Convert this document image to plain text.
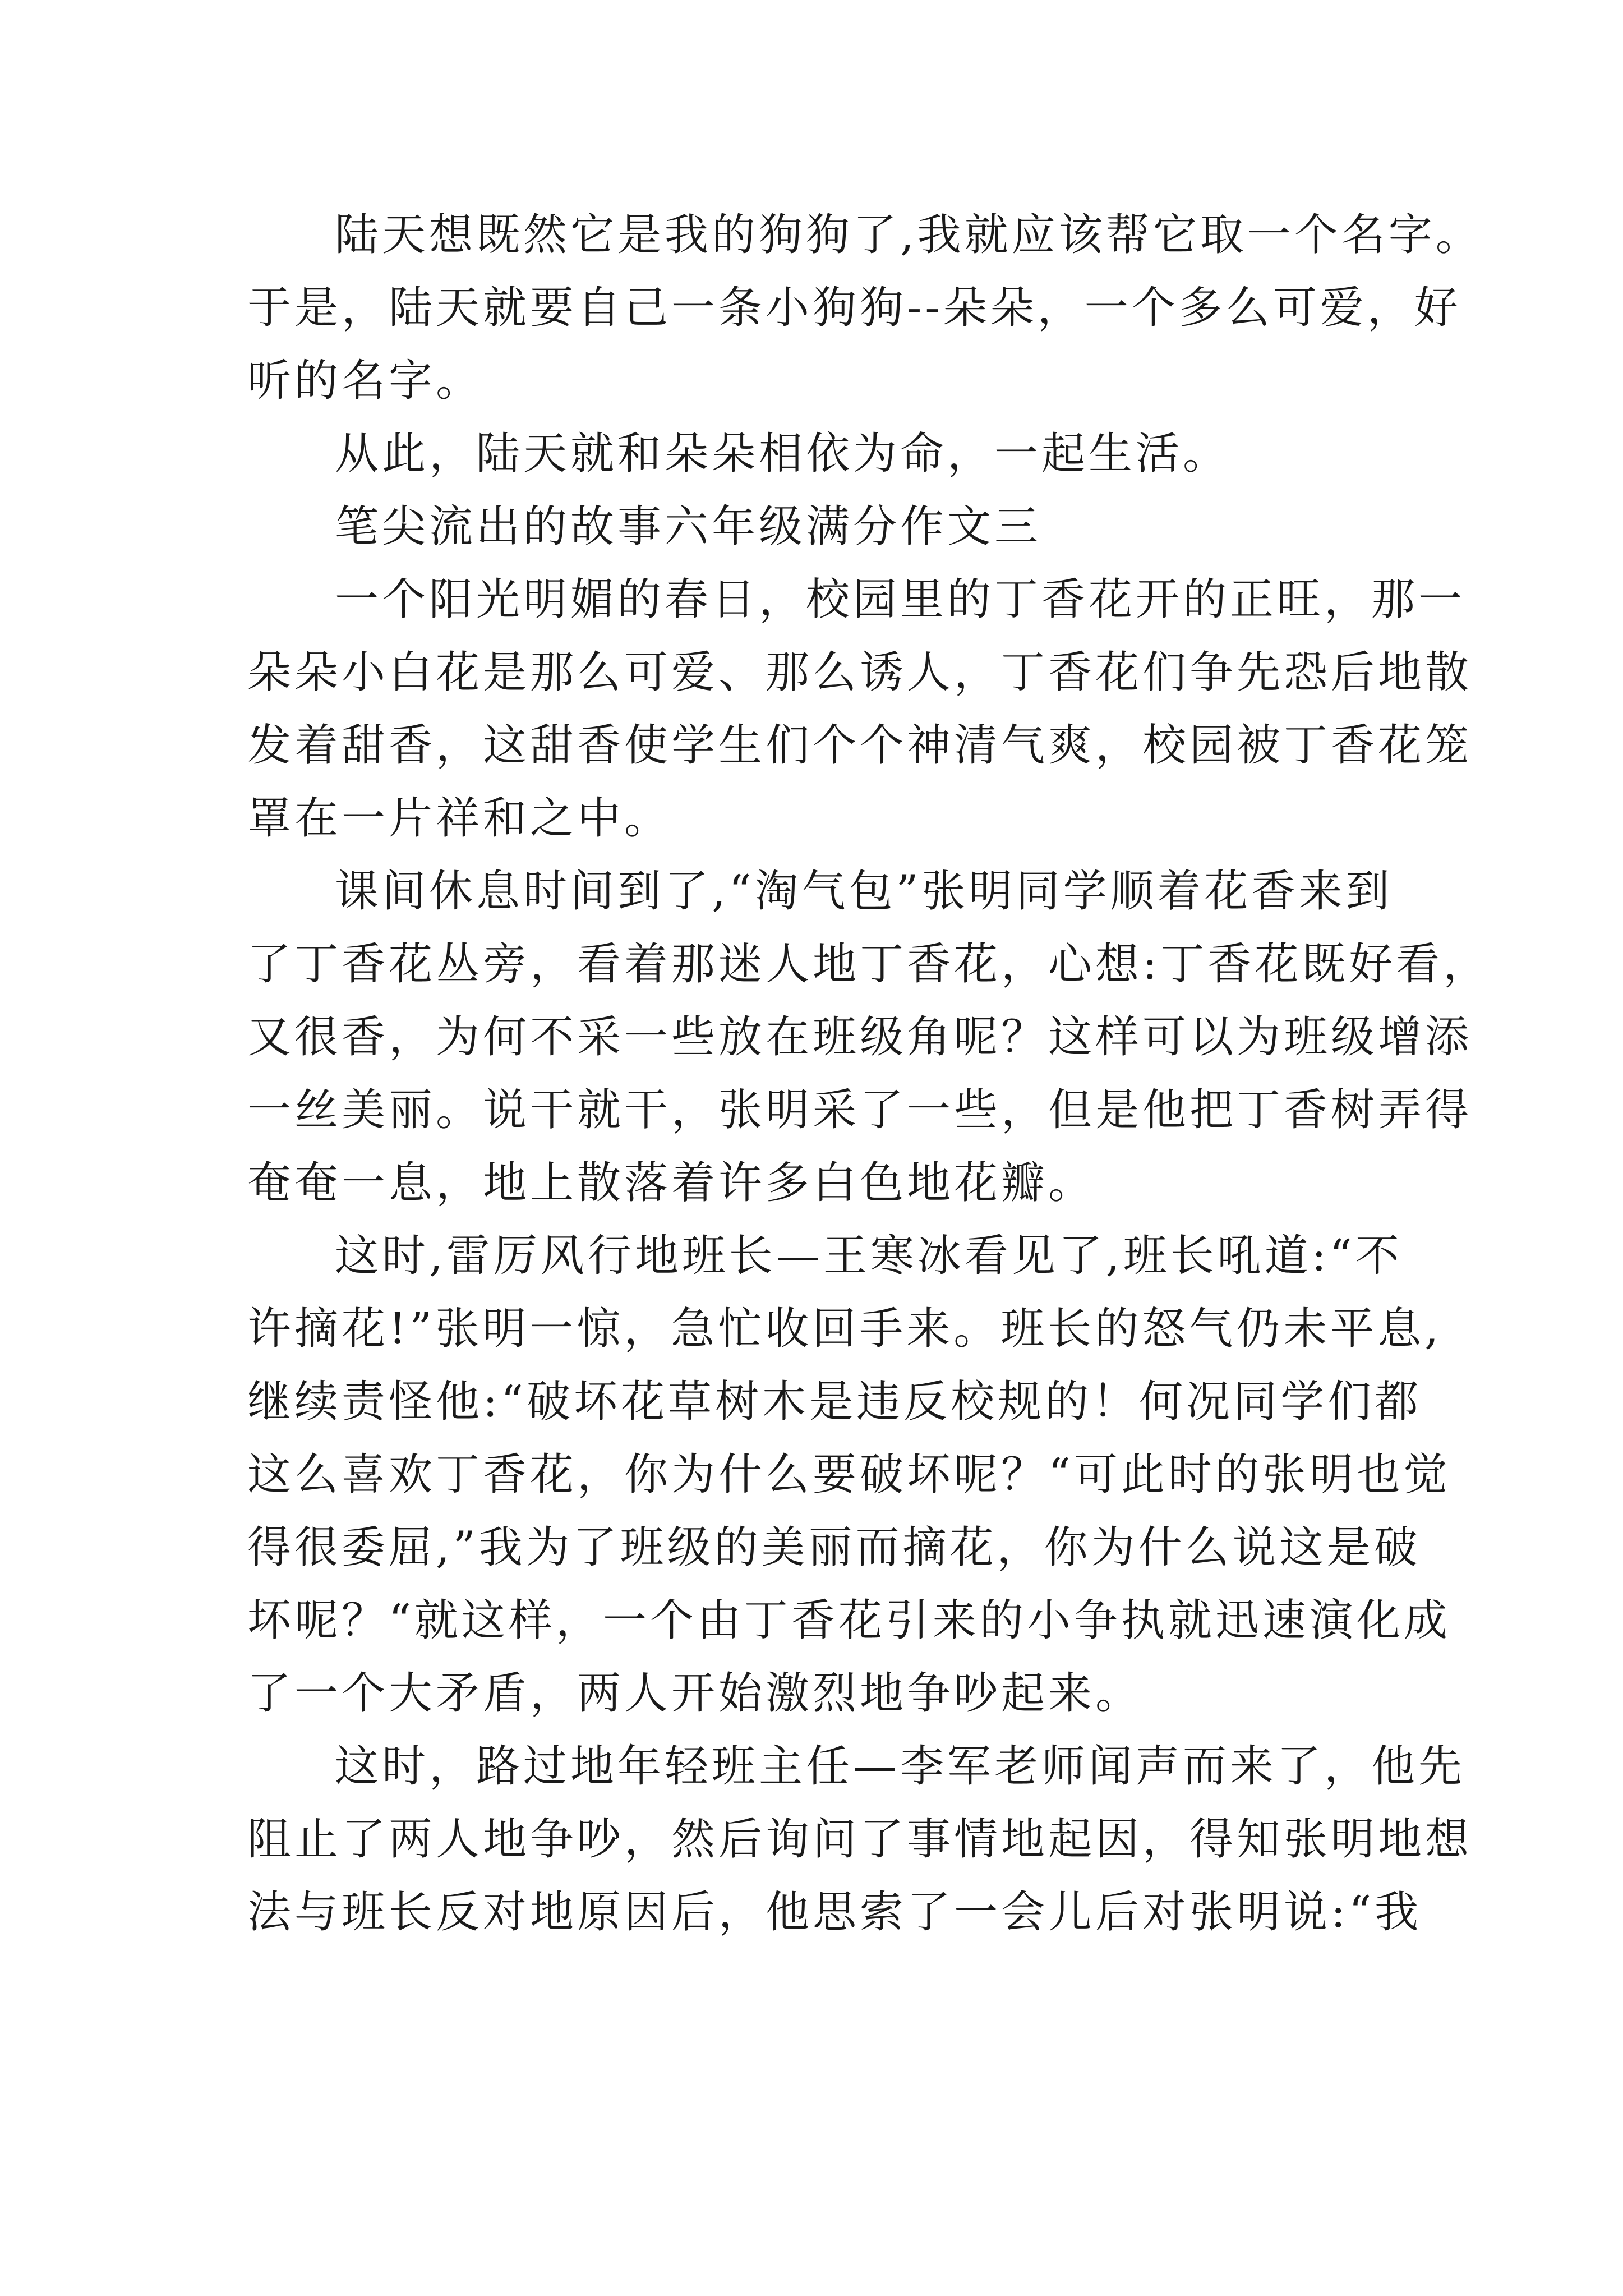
陆天想既然它是我的狗狗了,我就应该帮它取一个名字。
于是，陆天就要自己一条小狗狗--朵朵，一个多么可爱，好
听的名字。
从此，陆天就和朵朵相依为命，一起生活。
笔尖流出的故事六年级满分作文三
一个阳光明媚的春日，校园里的丁香花开的正旺，那一
朵朵小白花是那么可爱、那么诱人，丁香花们争先恐后地散
发着甜香，这甜香使学生们个个神清气爽，校园被丁香花笼
罩在一片祥和之中。
课间休息时间到了,“淘气包”张明同学顺着花香来到
了丁香花丛旁，看着那迷人地丁香花，心想:丁香花既好看，
又很香，为何不采一些放在班级角呢？这样可以为班级增添
一丝美丽。说干就干，张明采了一些，但是他把丁香树弄得
奄奄一息，地上散落着许多白色地花瓣。
这时,雷厉风行地班长—王寒冰看见了,班长吼道:“不
许摘花!”张明一惊，急忙收回手来。班长的怒气仍未平息,
继续责怪他:“破坏花草树木是违反校规的！何况同学们都
这么喜欢丁香花，你为什么要破坏呢？“可此时的张明也觉
得很委屈,”我为了班级的美丽而摘花，你为什么说这是破
坏呢？“就这样，一个由丁香花引来的小争执就迅速演化成
了一个大矛盾，两人开始激烈地争吵起来。
这时，路过地年轻班主任—李军老师闻声而来了，他先
阻止了两人地争吵，然后询问了事情地起因，得知张明地想
法与班长反对地原因后，他思索了一会儿后对张明说:“我
